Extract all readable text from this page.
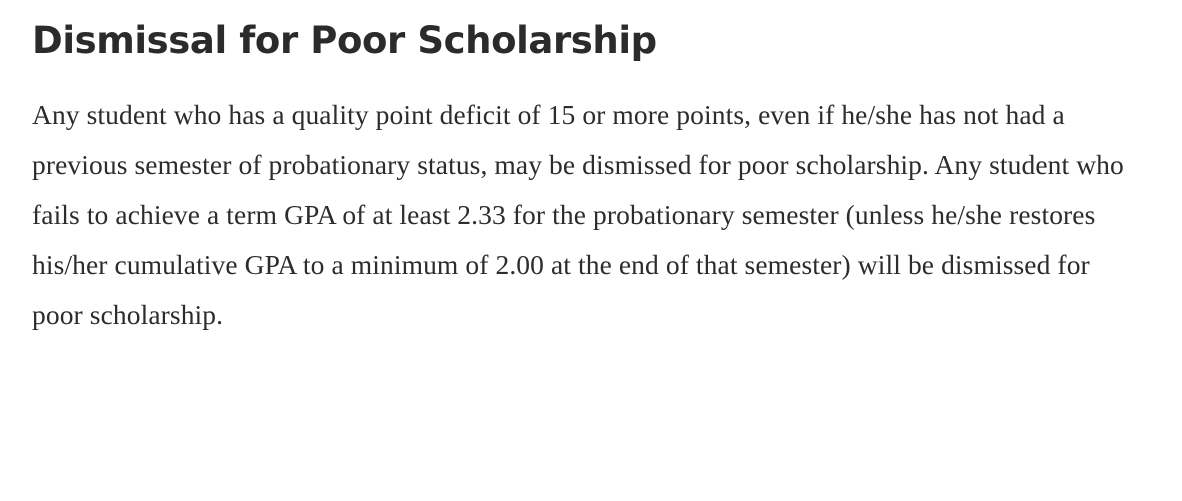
Dismissal for Poor Scholarship

Any student who has a quality point deficit of 15 or more points, even if he/she has not had a previous semester of probationary status, may be dismissed for poor scholarship. Any student who fails to achieve a term GPA of at least 2.33 for the probationary semester (unless he/she restores his/her cumulative GPA to a minimum of 2.00 at the end of that semester) will be dismissed for poor scholarship.
